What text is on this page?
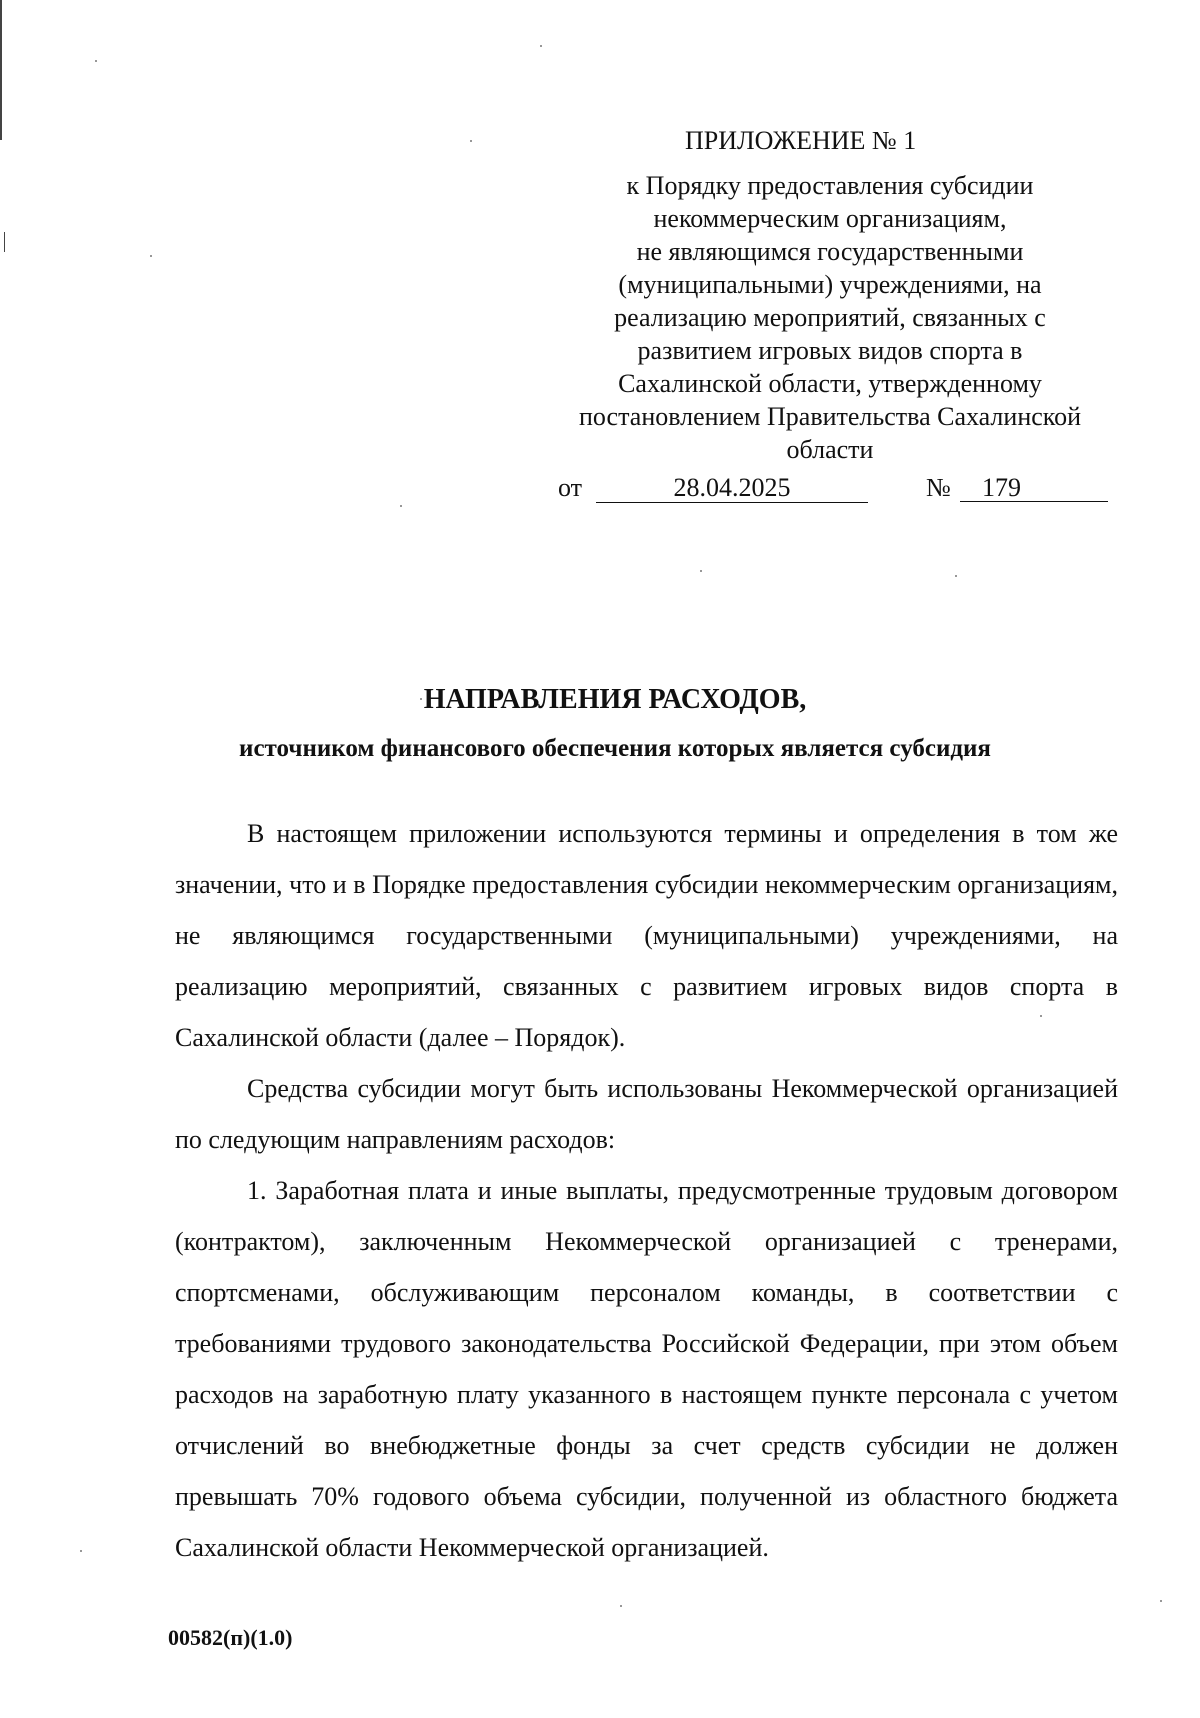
ПРИЛОЖЕНИЕ № 1
к Порядку предоставления субсидии
некоммерческим организациям,
не являющимся государственными
(муниципальными) учреждениями, на
реализацию мероприятий, связанных с
развитием игровых видов спорта в
Сахалинской области, утвержденному
постановлением Правительства Сахалинской
области
от	28.04.2025	№	179
НАПРАВЛЕНИЯ РАСХОДОВ,
источником финансового обеспечения которых является субсидия

В настоящем приложении используются термины и определения в том же значении, что и в Порядке предоставления субсидии некоммерческим организациям, не являющимся государственными (муниципальными) учреждениями, на реализацию мероприятий, связанных с развитием игровых видов спорта в Сахалинской области (далее – Порядок).

Средства субсидии могут быть использованы Некоммерческой организацией по следующим направлениям расходов:

1. Заработная плата и иные выплаты, предусмотренные трудовым договором (контрактом), заключенным Некоммерческой организацией с тренерами, спортсменами, обслуживающим персоналом команды, в соответствии с требованиями трудового законодательства Российской Федерации, при этом объем расходов на заработную плату указанного в настоящем пункте персонала с учетом отчислений во внебюджетные фонды за счет средств субсидии не должен превышать 70% годового объема субсидии, полученной из областного бюджета Сахалинской области Некоммерческой организацией.

00582(п)(1.0)
